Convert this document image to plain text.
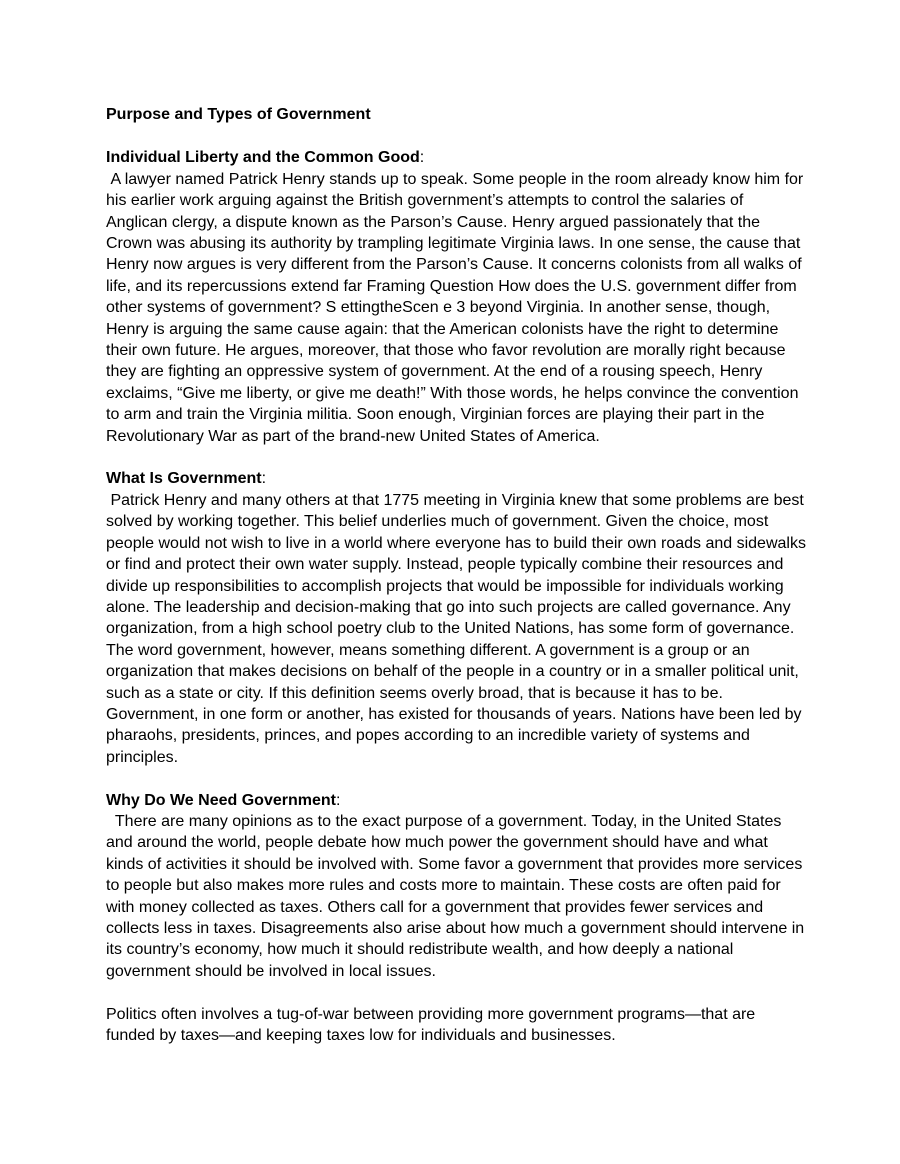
Purpose and Types of Government

Individual Liberty and the Common Good:

A lawyer named Patrick Henry stands up to speak. Some people in the room already know him for his earlier work arguing against the British government’s attempts to control the salaries of Anglican clergy, a dispute known as the Parson’s Cause. Henry argued passionately that the Crown was abusing its authority by trampling legitimate Virginia laws. In one sense, the cause that Henry now argues is very different from the Parson’s Cause. It concerns colonists from all walks of life, and its repercussions extend far Framing Question How does the U.S. government differ from other systems of government? S ettingtheScen e 3 beyond Virginia. In another sense, though, Henry is arguing the same cause again: that the American colonists have the right to determine their own future. He argues, moreover, that those who favor revolution are morally right because they are fighting an oppressive system of government. At the end of a rousing speech, Henry exclaims, “Give me liberty, or give me death!” With those words, he helps convince the convention to arm and train the Virginia militia. Soon enough, Virginian forces are playing their part in the Revolutionary War as part of the brand-new United States of America.

What Is Government:

Patrick Henry and many others at that 1775 meeting in Virginia knew that some problems are best solved by working together. This belief underlies much of government. Given the choice, most people would not wish to live in a world where everyone has to build their own roads and sidewalks or find and protect their own water supply. Instead, people typically combine their resources and divide up responsibilities to accomplish projects that would be impossible for individuals working alone. The leadership and decision-making that go into such projects are called governance. Any organization, from a high school poetry club to the United Nations, has some form of governance. The word government, however, means something different. A government is a group or an organization that makes decisions on behalf of the people in a country or in a smaller political unit, such as a state or city. If this definition seems overly broad, that is because it has to be. Government, in one form or another, has existed for thousands of years. Nations have been led by pharaohs, presidents, princes, and popes according to an incredible variety of systems and principles.

Why Do We Need Government:

There are many opinions as to the exact purpose of a government. Today, in the United States and around the world, people debate how much power the government should have and what kinds of activities it should be involved with. Some favor a government that provides more services to people but also makes more rules and costs more to maintain. These costs are often paid for with money collected as taxes. Others call for a government that provides fewer services and collects less in taxes. Disagreements also arise about how much a government should intervene in its country’s economy, how much it should redistribute wealth, and how deeply a national government should be involved in local issues.

Politics often involves a tug-of-war between providing more government programs—that are funded by taxes—and keeping taxes low for individuals and businesses.
